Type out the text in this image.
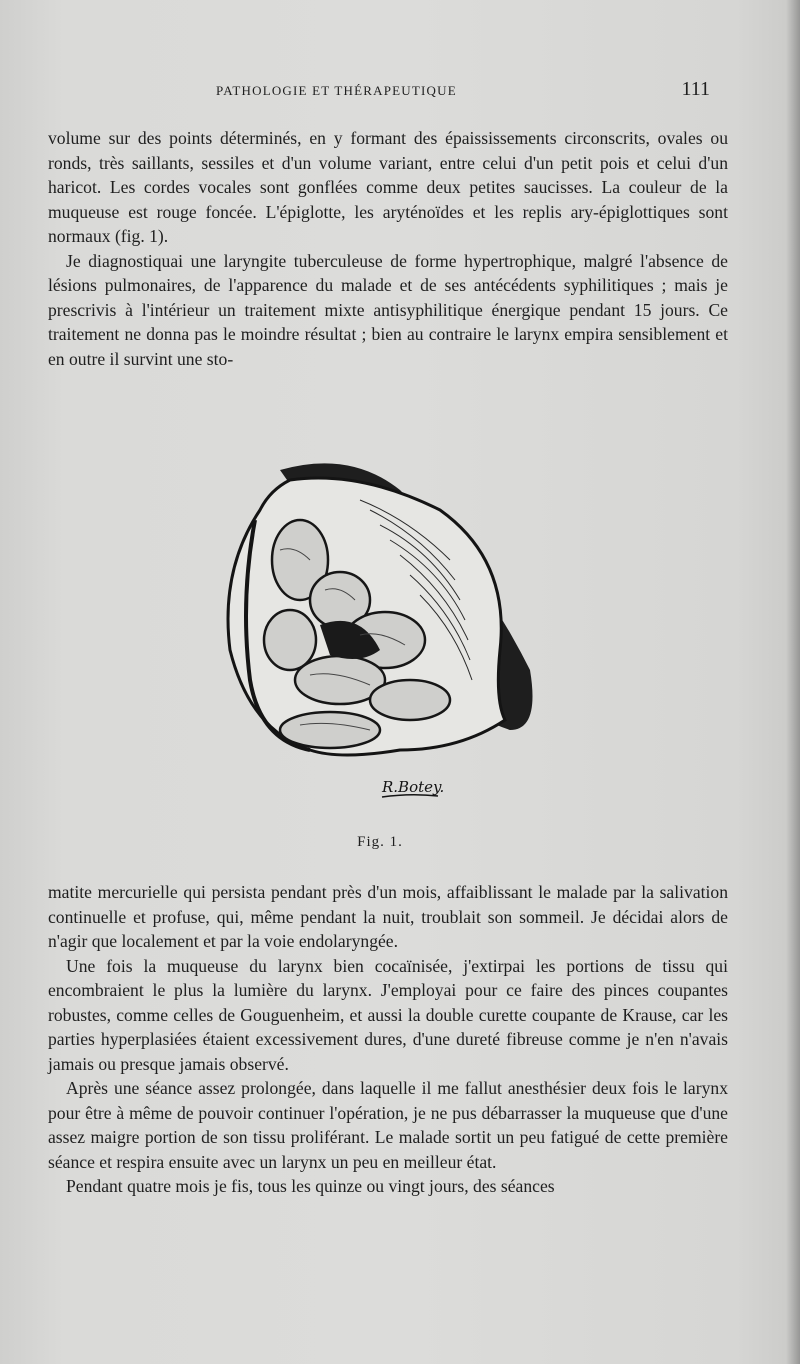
PATHOLOGIE ET THÉRAPEUTIQUE	111

volume sur des points déterminés, en y formant des épaississements circonscrits, ovales ou ronds, très saillants, sessiles et d'un volume variant, entre celui d'un petit pois et celui d'un haricot. Les cordes vocales sont gonflées comme deux petites saucisses. La couleur de la muqueuse est rouge foncée. L'épiglotte, les aryténoïdes et les replis ary-épiglottiques sont normaux (fig. 1).

Je diagnostiquai une laryngite tuberculeuse de forme hypertrophique, malgré l'absence de lésions pulmonaires, de l'apparence du malade et de ses antécédents syphilitiques ; mais je prescrivis à l'intérieur un traitement mixte antisyphilitique énergique pendant 15 jours. Ce traitement ne donna pas le moindre résultat ; bien au contraire le larynx empira sensiblement et en outre il survint une sto-

R.Botey.
Fig. 1.

matite mercurielle qui persista pendant près d'un mois, affaiblissant le malade par la salivation continuelle et profuse, qui, même pendant la nuit, troublait son sommeil. Je décidai alors de n'agir que localement et par la voie endolaryngée.

Une fois la muqueuse du larynx bien cocaïnisée, j'extirpai les portions de tissu qui encombraient le plus la lumière du larynx. J'employai pour ce faire des pinces coupantes robustes, comme celles de Gouguenheim, et aussi la double curette coupante de Krause, car les parties hyperplasiées étaient excessivement dures, d'une dureté fibreuse comme je n'en n'avais jamais ou presque jamais observé.

Après une séance assez prolongée, dans laquelle il me fallut anesthésier deux fois le larynx pour être à même de pouvoir continuer l'opération, je ne pus débarrasser la muqueuse que d'une assez maigre portion de son tissu proliférant. Le malade sortit un peu fatigué de cette première séance et respira ensuite avec un larynx un peu en meilleur état.

Pendant quatre mois je fis, tous les quinze ou vingt jours, des séances
